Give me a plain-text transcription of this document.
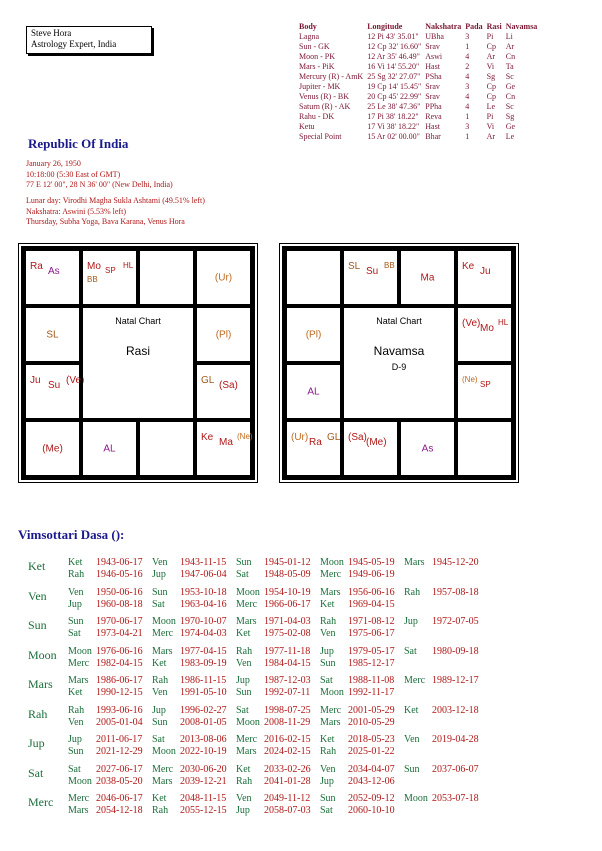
Steve Hora
Astrology Expert, India
Body	Longitude	Nakshatra	Pada	Rasi	Navamsa
Lagna	12 Pi 43' 35.01"	UBha	3	Pi	Li
Sun - GK	12 Cp 32' 16.60"	Srav	1	Cp	Ar
Moon - PK	12 Ar 35' 46.49"	Aswi	4	Ar	Cn
Mars - PiK	16 Vi 14' 55.20"	Hast	2	Vi	Ta
Mercury (R) - AmK	25 Sg 32' 27.07"	PSha	4	Sg	Sc
Jupiter - MK	19 Cp 14' 15.45"	Srav	3	Cp	Ge
Venus (R) - BK	20 Cp 45' 22.99"	Srav	4	Cp	Cn
Saturn (R) - AK	25 Le 38' 47.36"	PPha	4	Le	Sc
Rahu - DK	17 Pi 38' 18.22"	Reva	1	Pi	Sg
Ketu	17 Vi 38' 18.22"	Hast	3	Vi	Ge
Special Point	15 Ar 02' 00.00"	Bhar	1	Ar	Le
Republic Of India
January 26, 1950
10:18:00 (5:30 East of GMT)
77 E 12' 00", 28 N 36' 00" (New Delhi, India)
Lunar day: Virodhi Magha Sukla Ashtami (49.51% left)
Nakshatra: Aswini (5.53% left)
Thursday, Subha Yoga, Bava Karana, Venus Hora
Ra As	Mo SP
HL
BB	(Ur)
SL	(Pl)
Ju Su (Ve)	GL (Sa)
(Me)	AL
Ke Ma
(Ne)
Natal Chart
Rasi
SL Su
BB
Ma
Ke Ju
(Pl)
(Ve) Mo
HL
AL
(Ne)
SP
(Ur) Ra GL (Sa) (Me)
As
Natal Chart
Navamsa
D-9
Vimsottari Dasa ():
Ket Ket 1943-06-17 Ven 1943-11-15 Sun 1945-01-12 Moon 1945-05-19 Mars 1945-12-20
Rah 1946-05-16 Jup 1947-06-04 Sat 1948-05-09 Merc 1949-06-19
Ven Ven 1950-06-16 Sun 1953-10-18 Moon 1954-10-19 Mars 1956-06-16 Rah 1957-08-18
Jup 1960-08-18 Sat 1963-04-16 Merc 1966-06-17 Ket 1969-04-15
Sun Sun 1970-06-17 Moon 1970-10-07 Mars 1971-04-03 Rah 1971-08-12 Jup 1972-07-05
Sat 1973-04-21 Merc 1974-04-03 Ket 1975-02-08 Ven 1975-06-17
Moon Moon 1976-06-16 Mars 1977-04-15 Rah 1977-11-18 Jup 1979-05-17 Sat 1980-09-18
Merc 1982-04-15 Ket 1983-09-19 Ven 1984-04-15 Sun 1985-12-17
Mars Mars 1986-06-17 Rah 1986-11-15 Jup 1987-12-03 Sat 1988-11-08 Merc 1989-12-17
Ket 1990-12-15 Ven 1991-05-10 Sun 1992-07-11 Moon 1992-11-17
Rah Rah 1993-06-16 Jup 1996-02-27 Sat 1998-07-25 Merc 2001-05-29 Ket 2003-12-18
Ven 2005-01-04 Sun 2008-01-05 Moon 2008-11-29 Mars 2010-05-29
Jup Jup 2011-06-17 Sat 2013-08-06 Merc 2016-02-15 Ket 2018-05-23 Ven 2019-04-28
Sun 2021-12-29 Moon 2022-10-19 Mars 2024-02-15 Rah 2025-01-22
Sat Sat 2027-06-17 Merc 2030-06-20 Ket 2033-02-26 Ven 2034-04-07 Sun 2037-06-07
Moon 2038-05-20 Mars 2039-12-21 Rah 2041-01-28 Jup 2043-12-06
Merc Merc 2046-06-17 Ket 2048-11-15 Ven 2049-11-12 Sun 2052-09-12 Moon 2053-07-18
Mars 2054-12-18 Rah 2055-12-15 Jup 2058-07-03 Sat 2060-10-10
